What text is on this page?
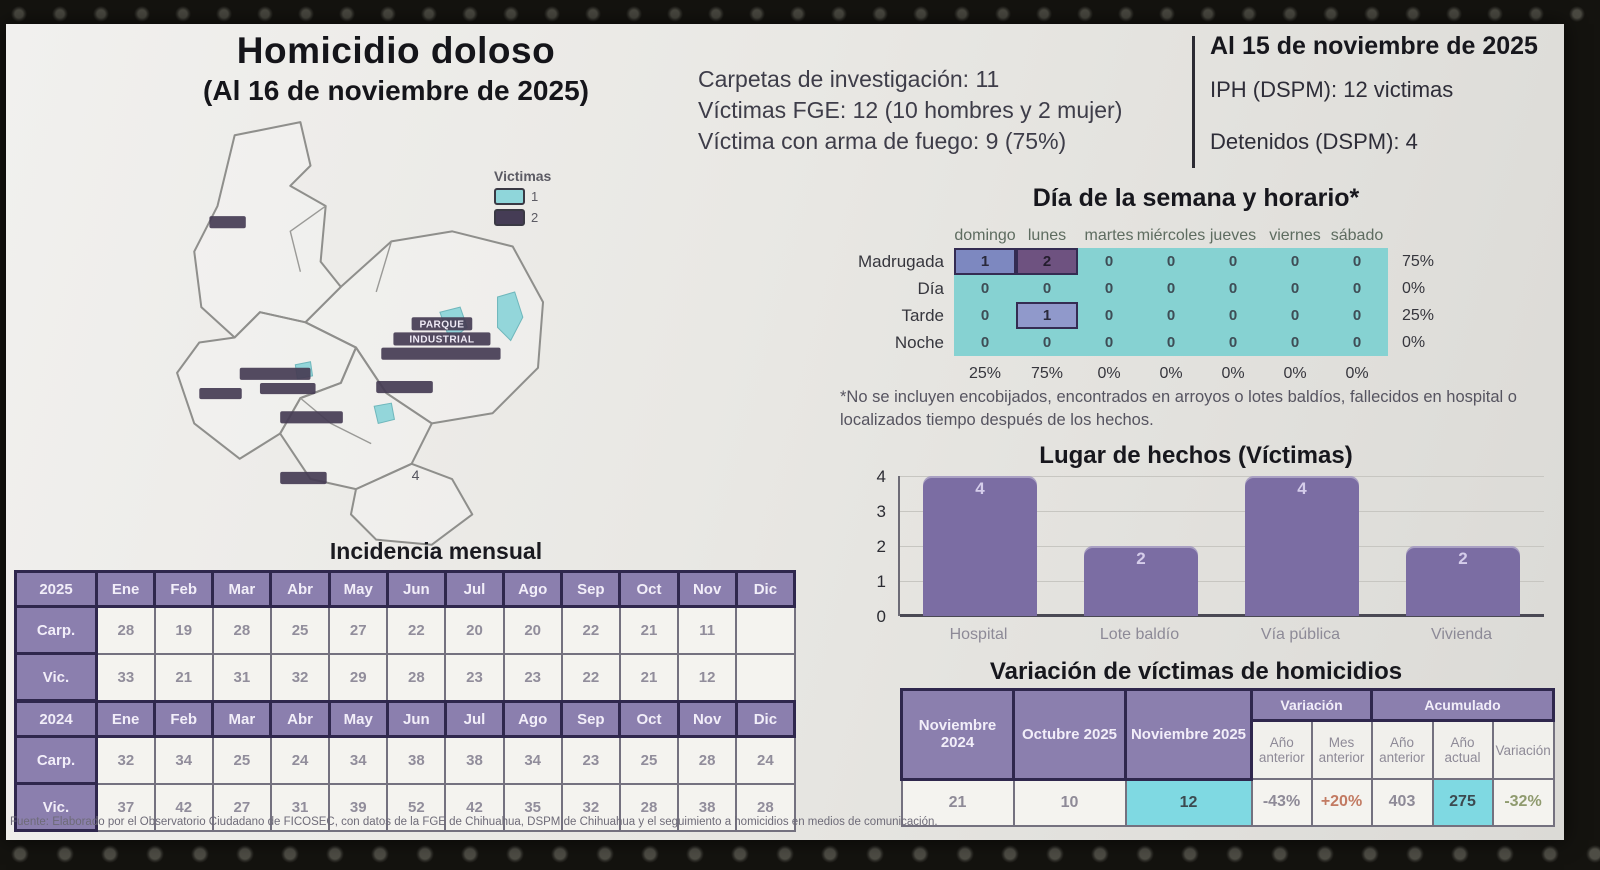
Homicidio doloso
(Al 16 de noviembre de 2025)	Carpetas de investigación: 11
Víctimas FGE: 12 (10 hombres y 2 mujer)
Víctima con arma de fuego: 9 (75%)
Al 15 de noviembre de 2025
IPH (DSPM): 12 victimas
Detenidos (DSPM): 4
PARQUE
INDUSTRIAL
4
Victimas
1
2
Incidencia mensual
2025	Ene	Feb	Mar	Abr	May	Jun	Jul	Ago	Sep	Oct	Nov	Dic
Carp.	28	19	28	25	27	22	20	20	22	21	11	
Vic.	33	21	31	32	29	28	23	23	22	21	12	
2024	Ene	Feb	Mar	Abr	May	Jun	Jul	Ago	Sep	Oct	Nov	Dic
Carp.	32	34	25	24	34	38	38	34	23	25	28	24
Vic.	37	42	27	31	39	52	42	35	32	28	38	28
Día de la semana y horario*
domingo lunes	martes miércoles jueves viernes sábado
Madrugada	1	2	0	0	0	0	0	75%
Día	0	0	0	0	0	0	0	0%
Tarde	0	1	0	0	0	0	0	25%
Noche	0	0	0	0	0	0	0	0%
25%	75%	0%	0%	0%	0%	0%
*No se incluyen encobijados, encontrados en arroyos o lotes baldíos, fallecidos en hospital o localizados tiempo después de los hechos.
Lugar de hechos (Víctimas)
4
3
2
1
0
4
2
4
2
Hospital	Lote baldío	Vía pública	Vivienda
Variación de víctimas de homicidios
Noviembre 2024	Octubre 2025	Noviembre 2025	Variación		Acumulado		
			Año anterior	Mes anterior	Año anterior	Año actual	Variación
21	10	12	-43%	+20%	403	275	-32%
Fuente: Elaborado por el Observatorio Ciudadano de FICOSEC, con datos de la FGE de Chihuahua, DSPM de Chihuahua y el seguimiento a homicidios en medios de comunicación.
